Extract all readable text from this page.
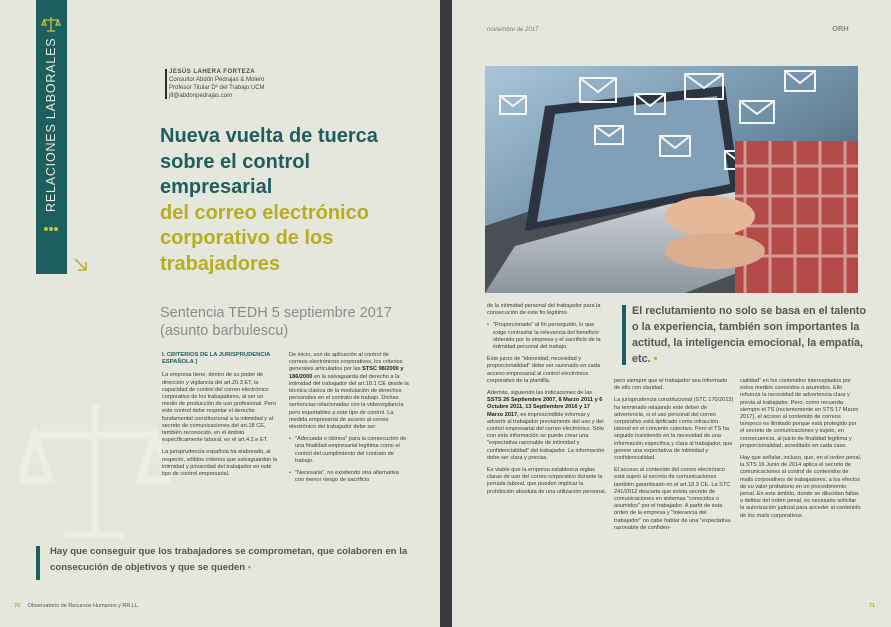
RELACIONES LABORALES	JESÚS LAHERA FORTEZA
Consultor Abdón Pedrajas & Molero
Profesor Titular Dº del Trabajo UCM
jlf@abdonpedrajas.com
Nueva vuelta de tuerca sobre el control empresarial
del correo electrónico corporativo de los trabajadores
Sentencia TEDH 5 septiembre 2017 (asunto barbulescu)
I. CRITERIOS DE LA JURISPRUDENCIA ESPAÑOLA ]

La empresa tiene, dentro de su poder de dirección y vigilancia del art.20.3 ET, la capacidad de control del correo electrónico corporativo de los trabajadores, al ser un medio de producción de uso profesional. Pero este control debe respetar el derecho fundamental constitucional a la intimidad y al secreto de comunicaciones del art.18 CE, también reconocido, en el ámbito específicamente laboral, en el art.4.2.e ET.

La jurisprudencia española ha elaborado, al respecto, sólidos criterios que salvaguardan la intimidad y privacidad del trabajador en este tipo de control empresarial.

De inicio, son de aplicación al control de correos electrónicos corporativos, los criterios generales articulados por las STSC 98/2000 y 186/2000 en la salvaguarda del derecho a la intimidad del trabajador del art.18.1 CE desde la técnica clásica de la modulación de derechos personales en el contrato de trabajo. Dichas sentencias relacionadas con la videovigilancia pero exportables a este tipo de control. La medida empresarial de acceso al correo electrónico del trabajador debe ser:

• "Adecuada o idónea" para la consecución de una finalidad empresarial legítima como el control del cumplimiento del contrato de trabajo.

• "Necesaria", no existiendo otra alternativa con menor riesgo de sacrificio

Hay que conseguir que los trabajadores se comprometan, que colaboren en la consecución de objetivos y que se queden •
70 Observatorio de Recursos Humanos y RR.LL.
noviembre de 2017	ORH
El reclutamiento no solo se basa en el talento o la experiencia, también son importantes la actitud, la inteligencia emocional, la empatía, etc. •

de la intimidad personal del trabajador para la consecución de este fin legítimo.

• "Proporcionado" al fin perseguido, lo que exige contrastar la relevancia del beneficio obtenido por la empresa y el sacrificio de la intimidad personal del trabajo.

Este juicio de "idoneidad, necesidad y proporcionalidad" debe ser razonado en cada acceso empresarial al control electrónico corporativo de la plantilla.

Además, siguiendo las indicaciones de las SSTS 26 Septiembre 2007, 8 Marzo 2011 y 6 Octubre 2011, 13 Septiembre 2016 y 17 Marzo 2017, es imprescindible informar y advertir al trabajador previamente del uso y del control empresarial del correo electrónico. Sólo con esta información se puede crear una "expectativa razonable de intimidad y confidencialidad" del trabajador. La información debe ser clara y precisa.

Es viable que la empresa establezca reglas claras de uso del correo corporativo durante la jornada laboral, que pueden implicar la prohibición absoluta de una utilización personal,

pero siempre que el trabajador sea informado de ello con claridad.

La jurisprudencia constitucional (STC 170/2013) ha terminado relajando este deber de advertencia, si el uso personal del correo corporativo está tipificado como infracción laboral en el convenio colectivo. Pero el TS ha seguido insistiendo en la necesidad de una información específica y clara al trabajador, que genere una expectativa de intimidad y confidencialidad.

El acceso al contenido del correo electrónico está sujeto al secreto de comunicaciones también garantizado en el art.18.3 CE. La STC 241/2012 descarta que exista secreto de comunicaciones en sistemas "conocidos o asumidos" por el trabajador. A partir de esta orden de la empresa y "tolerancia del trabajador" no cabe hablar de una "expectativa razonable de confiden-

cialidad" en los contenidos interceptados por estos medios conocidos o asumidos. Ello refuerza la necesidad de advertencia clara y previa al trabajador. Pero, como recuerda siempre el TS (recientemente en STS 17 Marzo 2017), el acceso al contenido de correos tampoco es ilimitado porque está protegido por el secreto de comunicaciones y sujeto, en consecuencia, al juicio de finalidad legítima y proporcionalidad, acreditado en cada caso.

Hay que señalar, incluso, que, en el orden penal, la STS 16 Junio de 2014 aplica el secreto de comunicaciones al control de contenidos de mails corporativos de trabajadores, a los efectos de su valor probatorio en un procedimiento penal. En este ámbito, donde se dilucidan faltas o delitos del orden penal, es necesario solicitar la autorización judicial para acceder al contenido de los mails corporativos.

71
